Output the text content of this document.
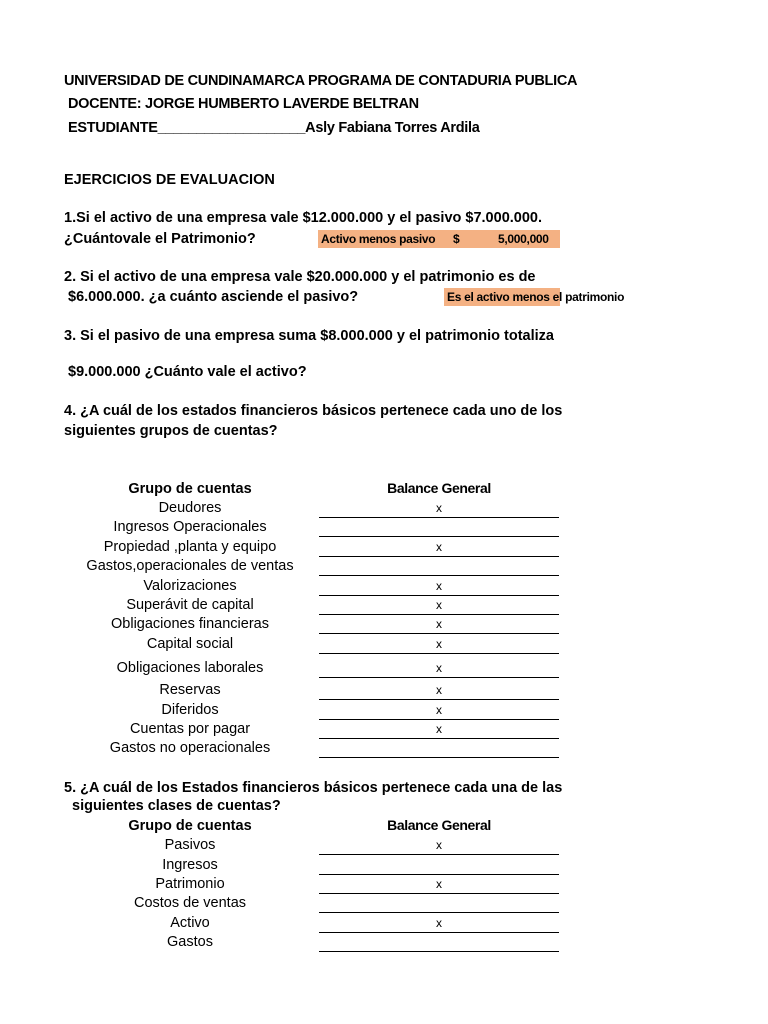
UNIVERSIDAD DE CUNDINAMARCA PROGRAMA DE CONTADURIA PUBLICA
DOCENTE: JORGE HUMBERTO LAVERDE BELTRAN
ESTUDIANTE___________________Asly Fabiana Torres Ardila
EJERCICIOS DE EVALUACION
1.Si el activo de una empresa vale $12.000.000 y el pasivo $7.000.000.
¿Cuántovale el Patrimonio?	Activo menos pasivo $	5,000,000
2. Si el activo de una empresa vale $20.000.000 y el patrimonio es de
$6.000.000. ¿a cuánto asciende el pasivo?	Es el activo menos el patrimonio
3. Si el pasivo de una empresa suma $8.000.000 y el patrimonio totaliza
$9.000.000 ¿Cuánto vale el activo?
4. ¿A cuál de los estados financieros básicos pertenece cada uno de los
siguientes grupos de cuentas?
Grupo de cuentas	Balance General
Deudores	x
Ingresos Operacionales
Propiedad ,planta y equipo	x
Gastos,operacionales de ventas
Valorizaciones	x
Superávit de capital	x
Obligaciones financieras	x
Capital social	x
Obligaciones laborales	x
Reservas	x
Diferidos	x
Cuentas por pagar	x
Gastos no operacionales
5. ¿A cuál de los Estados financieros básicos pertenece cada una de las
siguientes clases de cuentas?
Grupo de cuentas	Balance General
Pasivos	x
Ingresos
Patrimonio	x
Costos de ventas
Activo	x
Gastos
